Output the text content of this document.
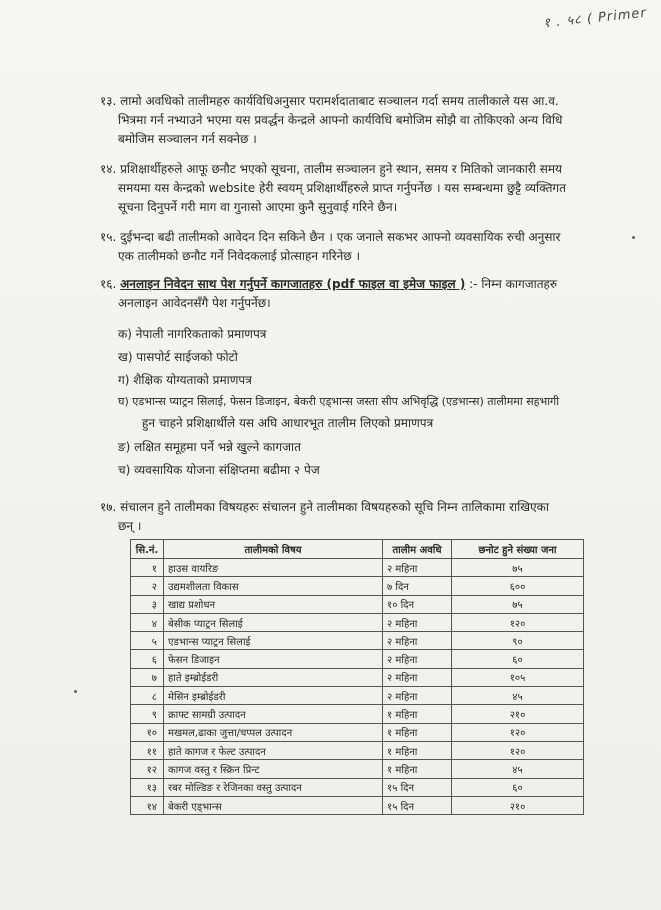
१ . ५८ ( Primer
१३. लामो अवधिको तालीमहरु कार्यविधिअनुसार परामर्शदाताबाट सञ्चालन गर्दा समय तालीकाले यस आ.व.
भित्रमा गर्न नभ्याउने भएमा यस प्रवर्द्धन केन्द्रले आफ्नो कार्यविधि बमोजिम सोझै वा तोकिएको अन्य विधि
बमोजिम सञ्चालन गर्न सक्नेछ ।
१४. प्रशिक्षार्थीहरुले आफू छनौट भएको सूचना, तालीम सञ्चालन हुने स्थान, समय र मितिको जानकारी समय
समयमा यस केन्द्रको website हेरी स्वयम् प्रशिक्षार्थीहरुले प्राप्त गर्नुपर्नेछ । यस सम्बन्धमा छुट्टै व्यक्तिगत
सूचना दिनुपर्ने गरी माग वा गुनासो आएमा कुनै सुनुवाई गरिने छैन।
१५. दुईभन्दा बढी तालीमको आवेदन दिन सकिने छैन । एक जनाले सकभर आफ्नो व्यवसायिक रुची अनुसार
एक तालीमको छनौट गर्ने निवेदकलाई प्रोत्साहन गरिनेछ ।
१६. अनलाइन निवेदन साथ पेश गर्नुपर्ने कागजातहरु (pdf फाइल वा इमेज फाइल ) :- निम्न कागजातहरु
अनलाइन आवेदनसँगै पेश गर्नुपर्नेछ।
क) नेपाली नागरिकताको प्रमाणपत्र
ख) पासपोर्ट साईजको फोटो
ग) शैक्षिक योग्यताको प्रमाणपत्र
घ) एडभान्स प्याट्रन सिलाई, फेसन डिजाइन, बेकरी एड्भान्स जस्ता सीप अभिवृद्धि (एडभान्स) तालीममा सहभागी
हुन चाहने प्रशिक्षार्थीले यस अघि आधारभूत तालीम लिएको प्रमाणपत्र
ङ) लक्षित समूहमा पर्ने भन्ने खुल्ने कागजात
च) व्यवसायिक योजना संक्षिप्तमा बढीमा २ पेज
१७. संचालन हुने तालीमका विषयहरुः संचालन हुने तालीमका विषयहरुको सूचि निम्न तालिकामा राखिएका
छन् ।
सि.नं.	तालीमको विषय	तालीम अवधि	छनोट हुने संख्या जना
१	हाउस वायरिङ	२ महिना	७५
२	उद्यमशीलता विकास	७ दिन	६००
३	खाद्य प्रशोधन	१० दिन	७५
४	बेसीक प्याट्रन सिलाई	२ महिना	१२०
५	एडभान्स प्याट्रन सिलाई	२ महिना	९०
६	फेसन डिजाइन	२ महिना	६०
७	हाते इम्ब्रोईडरी	२ महिना	१०५
८	मेसिन इम्ब्रोईडरी	२ महिना	४५
९	क्राफ्ट सामग्री उत्पादन	१ महिना	२१०
१०	मखमल,ढाका जुत्ता/चप्पल उत्पादन	१ महिना	१२०
११	हाते कागज र फेल्ट उत्पादन	१ महिना	१२०
१२	कागज वस्तु र स्क्रिन प्रिन्ट	१ महिना	४५
१३	रबर मोल्डिङ र रेजिनका वस्तु उत्पादन	१५ दिन	६०
१४	बेकरी एड्भान्स	१५ दिन	२१०
